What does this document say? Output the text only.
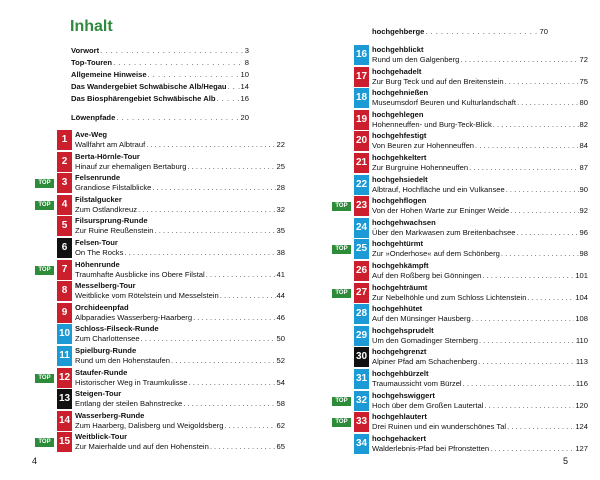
Inhalt
Vorwort . . .	3
Top-Touren . . .	8
Allgemeine Hinweise . . .	10
Das Wandergebiet Schwäbische Alb/Hegau . . . 14
Das Biosphärengebiet Schwäbische Alb . . .	16
Löwenpfade . . .	20
hochgehberge . . .	70
1	Ave-Weg
Wallfahrt am Albtrauf . . .	22
2	Berta-Hörnle-Tour
Hinauf zur ehemaligen Bertaburg . . .	25
TOP	3	Felsenrunde
Grandiose Filstalblicke . . .	28
TOP	4	Filstalgucker
Zum Ostlandkreuz . . .	32
5	Filsursprung-Runde
Zur Ruine Reußenstein . . .	35
6	Felsen-Tour
On The Rocks . . .	38
TOP	7	Höhenrunde
Traumhafte Ausblicke ins Obere Filstal . . .	41
8	Messelberg-Tour
Weitblicke vom Rötelstein und Messelstein . . .	44
9	Orchideenpfad
Albparadies Wasserberg-Haarberg . . .	46
10 Schloss-Filseck-Runde
Zum Charlottensee . . .	50
11 Spielburg-Runde
Rund um den Hohenstaufen . . .	52
TOP 12 Staufer-Runde
Historischer Weg in Traumkulisse . . .	54
13 Steigen-Tour
Entlang der steilen Bahnstrecke . . .	58
14 Wasserberg-Runde
Zum Haarberg, Dalisberg und Weigoldsberg . . .	62
TOP 15 Weitblick-Tour
Zur Maierhalde und auf den Hohenstein . . .	65
16 hochgehblickt
Rund um den Galgenberg . . .	72
17 hochgehadelt
Zur Burg Teck und auf den Breitenstein . . .	75
18 hochgehnießen
Museumsdorf Beuren und Kulturlandschaft . . .	80
19 hochgehlegen
Hohenneuffen- und Burg-Teck-Blick . . .	82
20 hochgehfestigt
Von Beuren zur Hohenneuffen . . .	84
21 hochgehkeltert
Zur Burgruine Hohenneuffen . . .	87
22 hochgehsiedelt
Albtrauf, Hochfläche und ein Vulkansee . . .	90
TOP 23 hochgehflogen
Von der Hohen Warte zur Eninger Weide . . .	92
24 hochgehwachsen
Über den Markwasen zum Breitenbachsee . . .	96
TOP 25 hochgehtürmt
Zur »Onderhose« auf dem Schönberg . . .	98
26 hochgehkämpft
Auf den Roßberg bei Gönningen . . .	101
TOP 27 hochgehträumt
Zur Nebelhöhle und zum Schloss Lichtenstein . . .	104
28 hochgehhütet
Auf den Münsinger Hausberg . . .	108
29 hochgehsprudelt
Um den Gomadinger Sternberg . . .	110
30 hochgehgrenzt
Alpiner Pfad am Schachenberg . . .	113
31 hochgehbürzelt
Traumaussicht vom Bürzel . . .	116
TOP 32 hochgehswiggert
Hoch über dem Großen Lautertal . . .	120
TOP 33 hochgehlautert
Drei Ruinen und ein wunderschönes Tal . . .	124
34 hochgehackert
Walderlebnis-Pfad bei Pfronstetten . . .	127
4	5
